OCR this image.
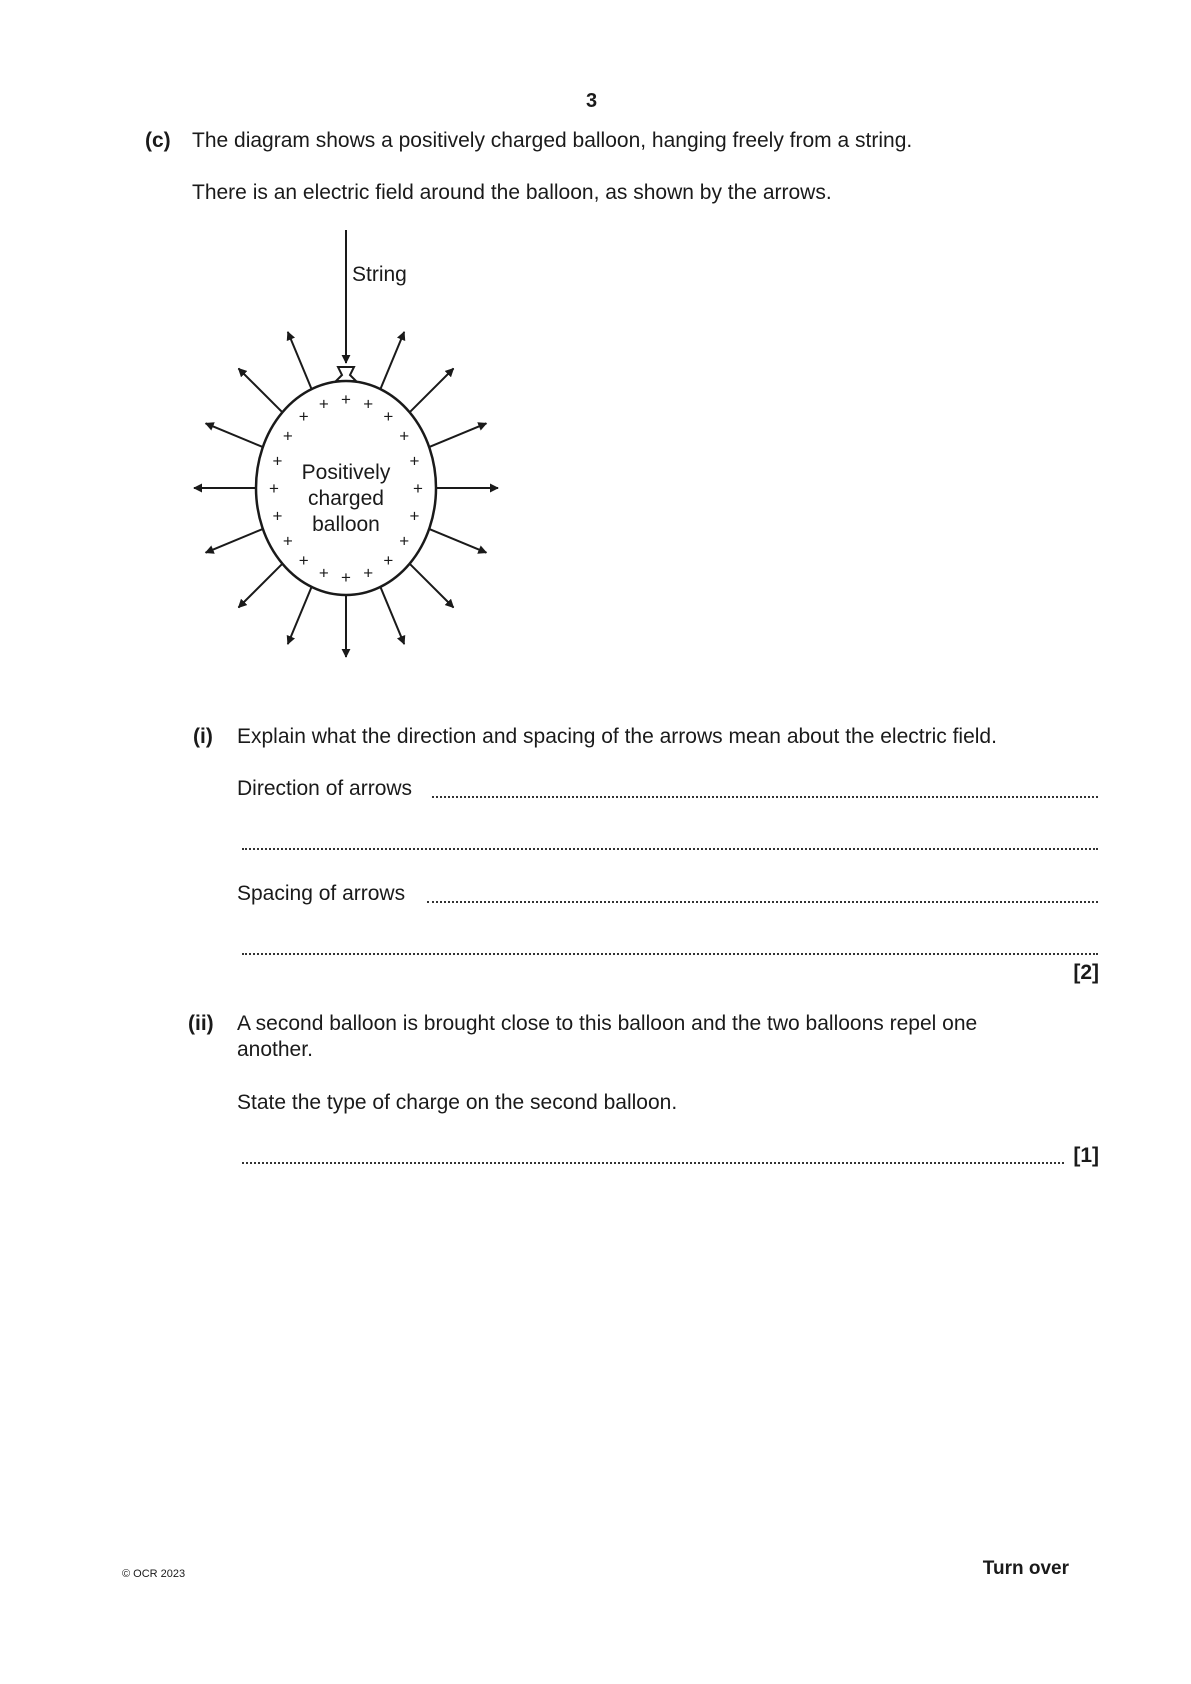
3
(c) The diagram shows a positively charged balloon, hanging freely from a string.
There is an electric field around the balloon, as shown by the arrows.
+ +
+
+
+
+
+
+
+
+
+
+
+
+
+
+
+
+
+
+
String
Positively
charged
balloon
(i) Explain what the direction and spacing of the arrows mean about the electric field.
Direction of arrows
Spacing of arrows
[2]
(ii) A second balloon is brought close to this balloon and the two balloons repel one
another.
State the type of charge on the second balloon.
[1]
© OCR 2023	Turn over
